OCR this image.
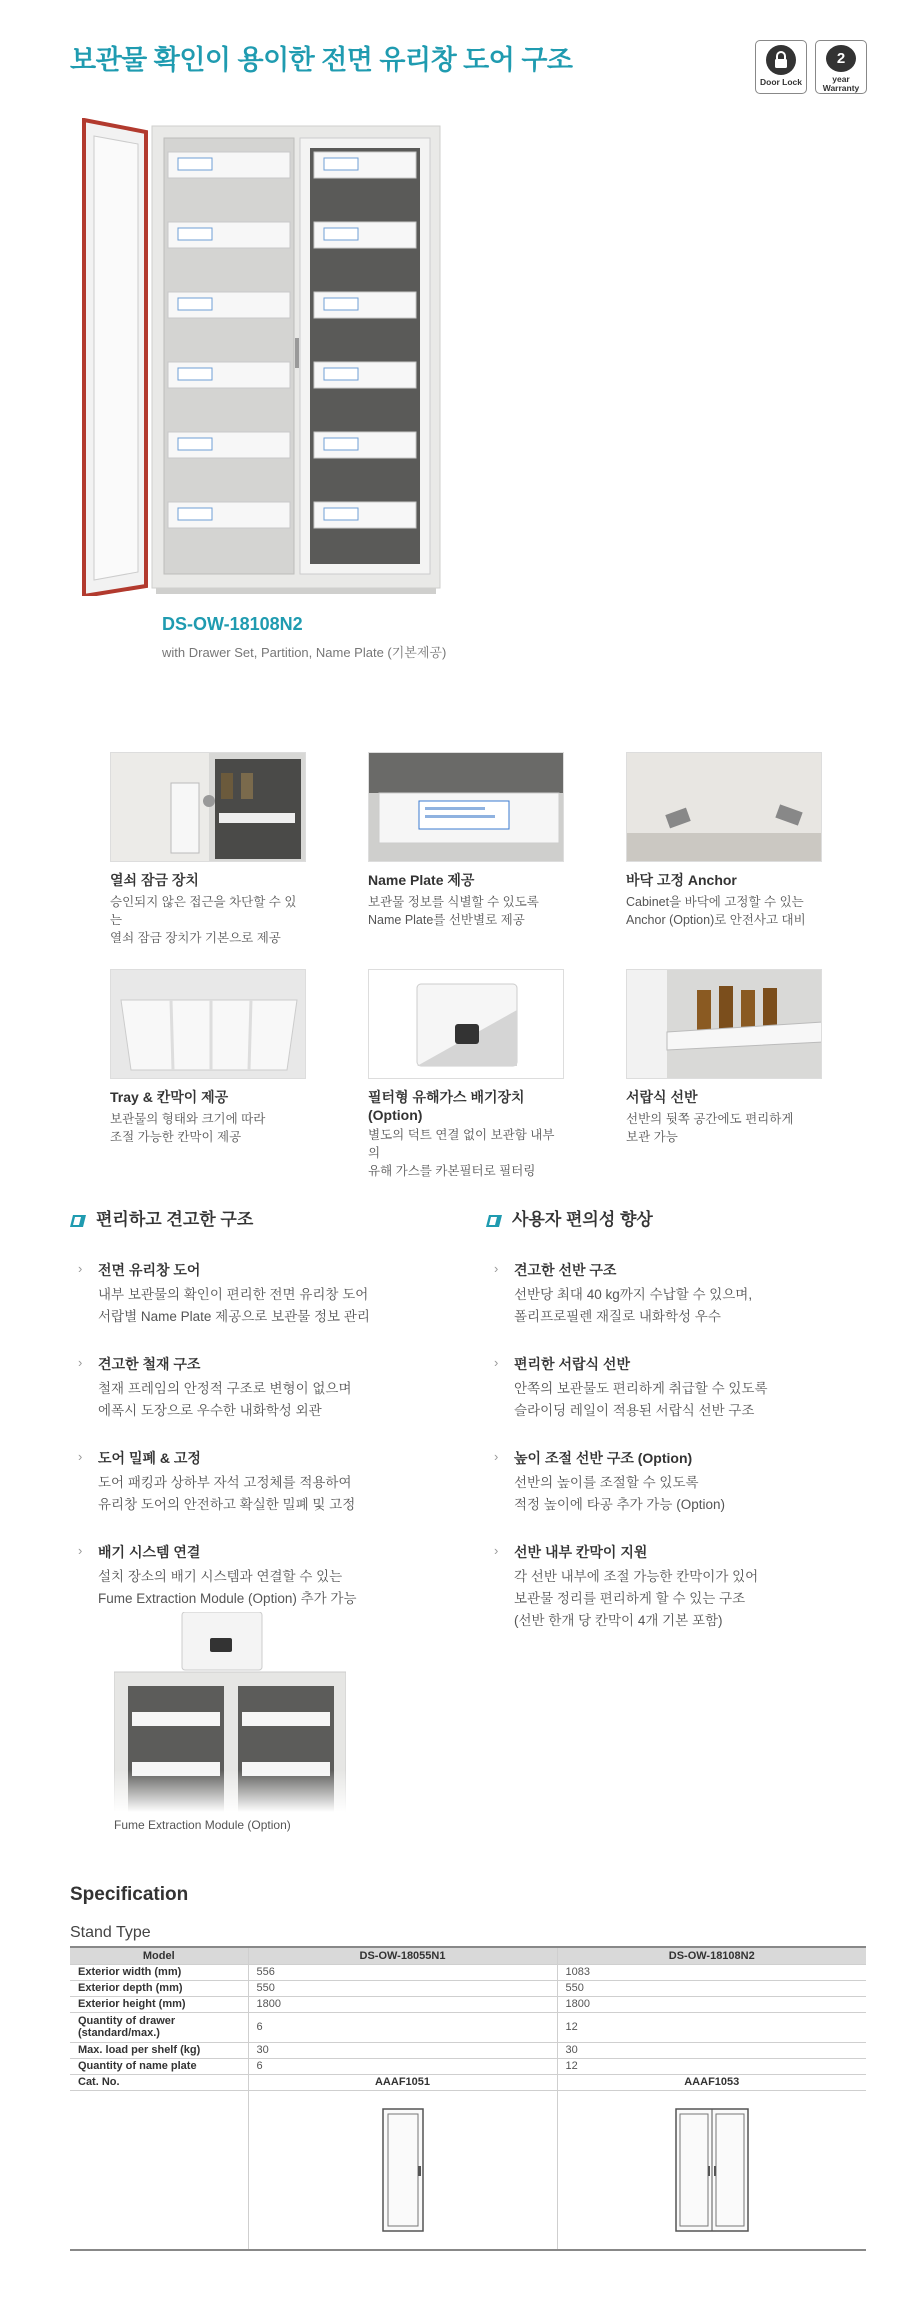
보관물 확인이 용이한 전면 유리창 도어 구조
Door Lock
2
year
Warranty
DS-OW-18108N2
with Drawer Set, Partition, Name Plate (기본제공)
열쇠 잠금 장치
승인되지 않은 접근을 차단할 수 있는
열쇠 잠금 장치가 기본으로 제공
Name Plate 제공
보관물 정보를 식별할 수 있도록
Name Plate를 선반별로 제공
바닥 고정 Anchor
Cabinet을 바닥에 고정할 수 있는
Anchor (Option)로 안전사고 대비
Tray & 칸막이 제공
보관물의 형태와 크기에 따라
조절 가능한 칸막이 제공
필터형 유해가스 배기장치 (Option)
별도의 덕트 연결 없이 보관함 내부의
유해 가스를 카본필터로 필터링
서랍식 선반
선반의 뒷쪽 공간에도 편리하게
보관 가능
편리하고 견고한 구조
› 전면 유리창 도어
내부 보관물의 확인이 편리한 전면 유리창 도어
서랍별 Name Plate 제공으로 보관물 정보 관리
› 견고한 철재 구조
철재 프레임의 안정적 구조로 변형이 없으며
에폭시 도장으로 우수한 내화학성 외관
› 도어 밀폐 & 고정
도어 패킹과 상하부 자석 고정체를 적용하여
유리창 도어의 안전하고 확실한 밀폐 및 고정
› 배기 시스템 연결
설치 장소의 배기 시스템과 연결할 수 있는
Fume Extraction Module (Option) 추가 가능
사용자 편의성 향상
› 견고한 선반 구조
선반당 최대 40 kg까지 수납할 수 있으며,
폴리프로필렌 재질로 내화학성 우수
› 편리한 서랍식 선반
안쪽의 보관물도 편리하게 취급할 수 있도록
슬라이딩 레일이 적용된 서랍식 선반 구조
› 높이 조절 선반 구조 (Option)
선반의 높이를 조절할 수 있도록
적정 높이에 타공 추가 가능 (Option)
› 선반 내부 칸막이 지원
각 선반 내부에 조절 가능한 칸막이가 있어
보관물 정리를 편리하게 할 수 있는 구조
(선반 한개 당 칸막이 4개 기본 포함)
Fume Extraction Module (Option)
Specification
Stand Type
Model	DS-OW-18055N1	DS-OW-18108N2
Exterior width (mm)	556	1083
Exterior depth (mm)	550	550
Exterior height (mm)	1800	1800
Quantity of drawer (standard/max.)	6	12
Max. load per shelf (kg)	30	30
Quantity of name plate	6	12
Cat. No.	AAAF1051	AAAF1053
